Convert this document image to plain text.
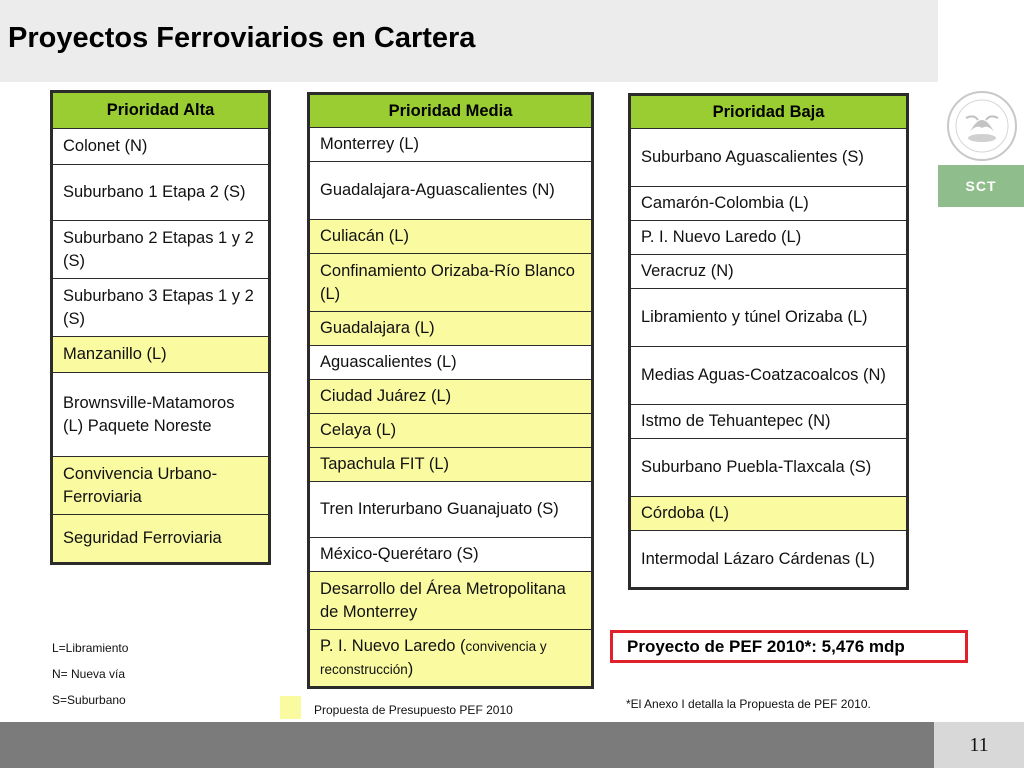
Proyectos Ferroviarios en Cartera
SCT
Prioridad Alta
Colonet (N)
Suburbano 1 Etapa 2 (S)
Suburbano 2 Etapas 1 y 2 (S)
Suburbano 3 Etapas 1 y 2 (S)
Manzanillo (L)
Brownsville-Matamoros (L) Paquete Noreste
Convivencia Urbano-Ferroviaria
Seguridad Ferroviaria
Prioridad Media
Monterrey (L)
Guadalajara-Aguascalientes (N)
Culiacán (L)
Confinamiento Orizaba-Río Blanco (L)
Guadalajara (L)
Aguascalientes (L)
Ciudad Juárez (L)
Celaya (L)
Tapachula FIT (L)
Tren Interurbano Guanajuato (S)
México-Querétaro (S)
Desarrollo del Área Metropolitana de Monterrey
P. I. Nuevo Laredo (convivencia y reconstrucción)
Prioridad Baja
Suburbano Aguascalientes (S)
Camarón-Colombia (L)
P. I. Nuevo Laredo (L)
Veracruz (N)
Libramiento y túnel Orizaba (L)
Medias Aguas-Coatzacoalcos (N)
Istmo de Tehuantepec (N)
Suburbano Puebla-Tlaxcala (S)
Córdoba (L)
Intermodal Lázaro Cárdenas (L)
L=Libramiento
N= Nueva vía
S=Suburbano
Propuesta de Presupuesto PEF 2010
Proyecto de PEF 2010*: 5,476 mdp
*El Anexo I detalla la Propuesta de PEF 2010.
11
